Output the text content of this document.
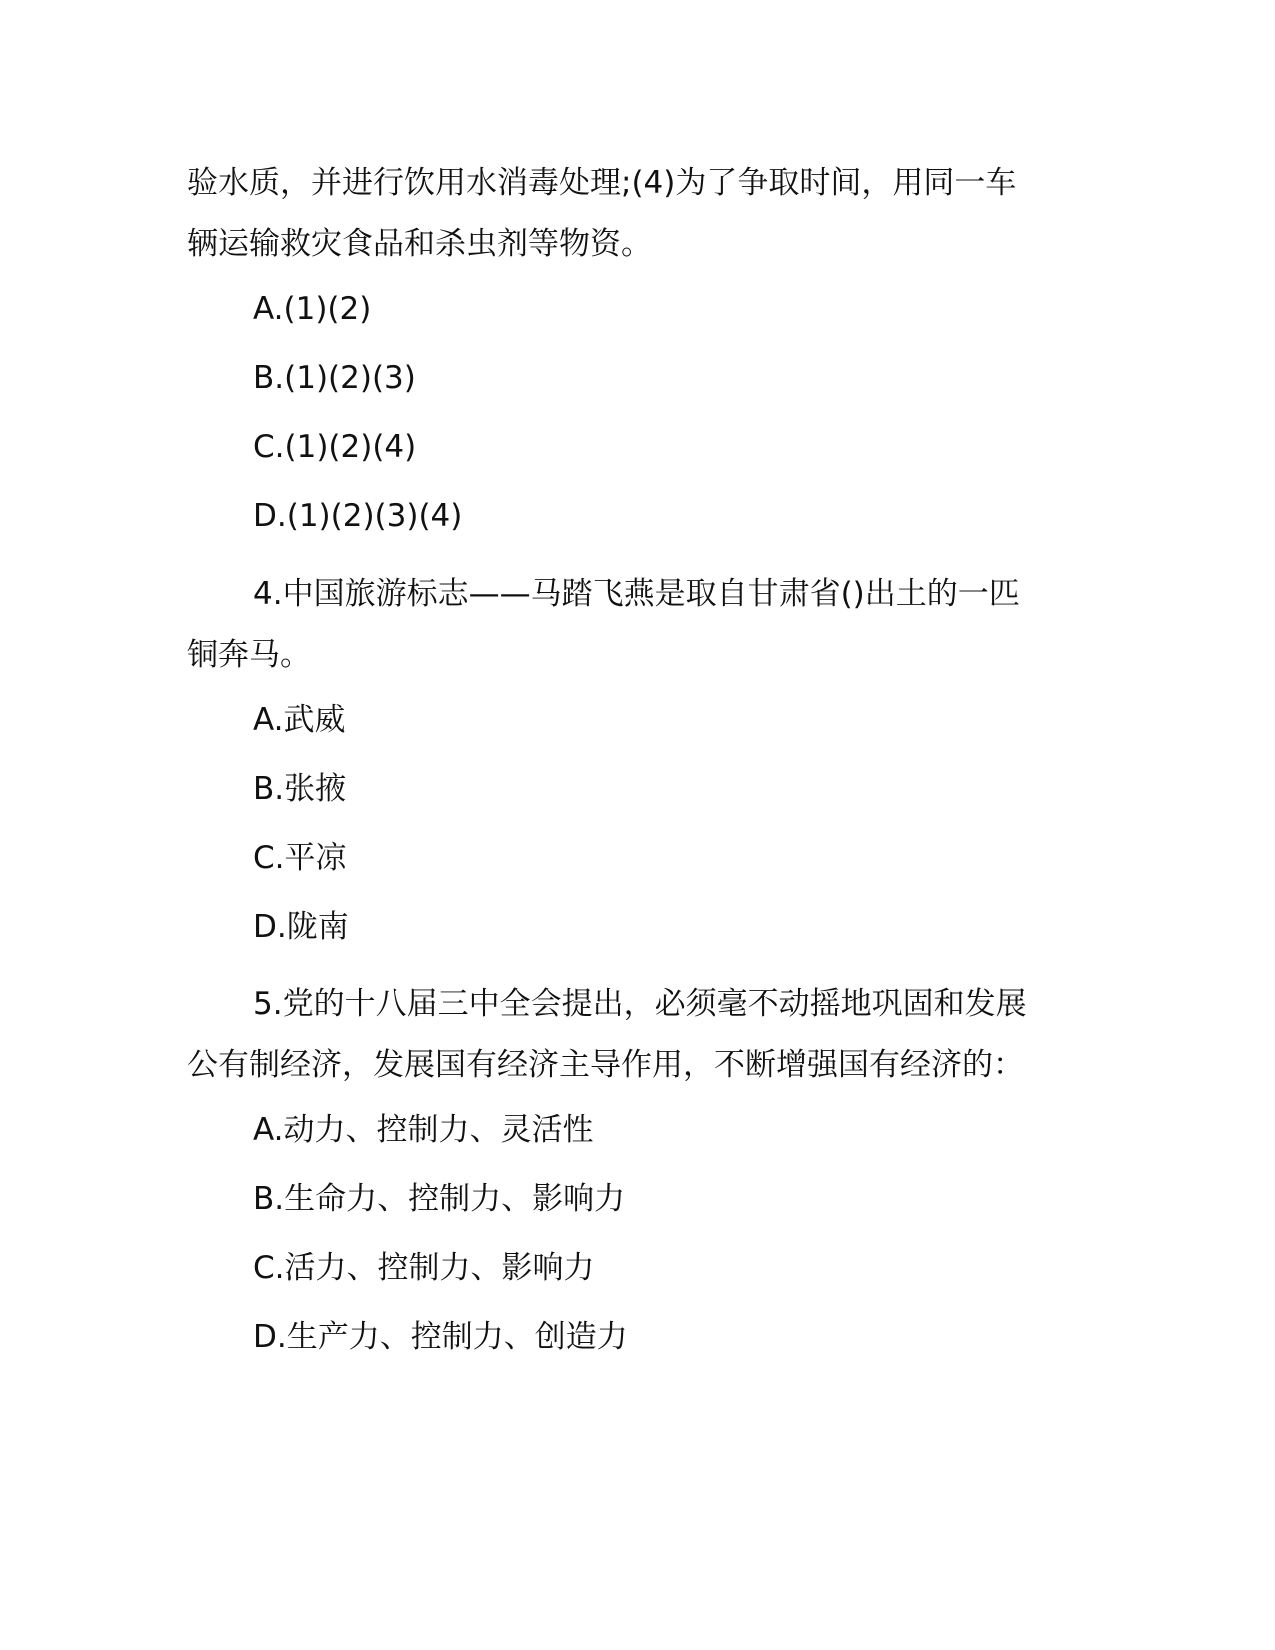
验水质，并进行饮用水消毒处理;(4)为了争取时间，用同一车
辆运输救灾食品和杀虫剂等物资。

A.(1)(2)

B.(1)(2)(3)

C.(1)(2)(4)

D.(1)(2)(3)(4)

4.中国旅游标志——马踏飞燕是取自甘肃省()出土的一匹
铜奔马。

A.武威

B.张掖

C.平凉

D.陇南

5.党的十八届三中全会提出，必须毫不动摇地巩固和发展
公有制经济，发展国有经济主导作用，不断增强国有经济的：

A.动力、控制力、灵活性

B.生命力、控制力、影响力

C.活力、控制力、影响力

D.生产力、控制力、创造力
